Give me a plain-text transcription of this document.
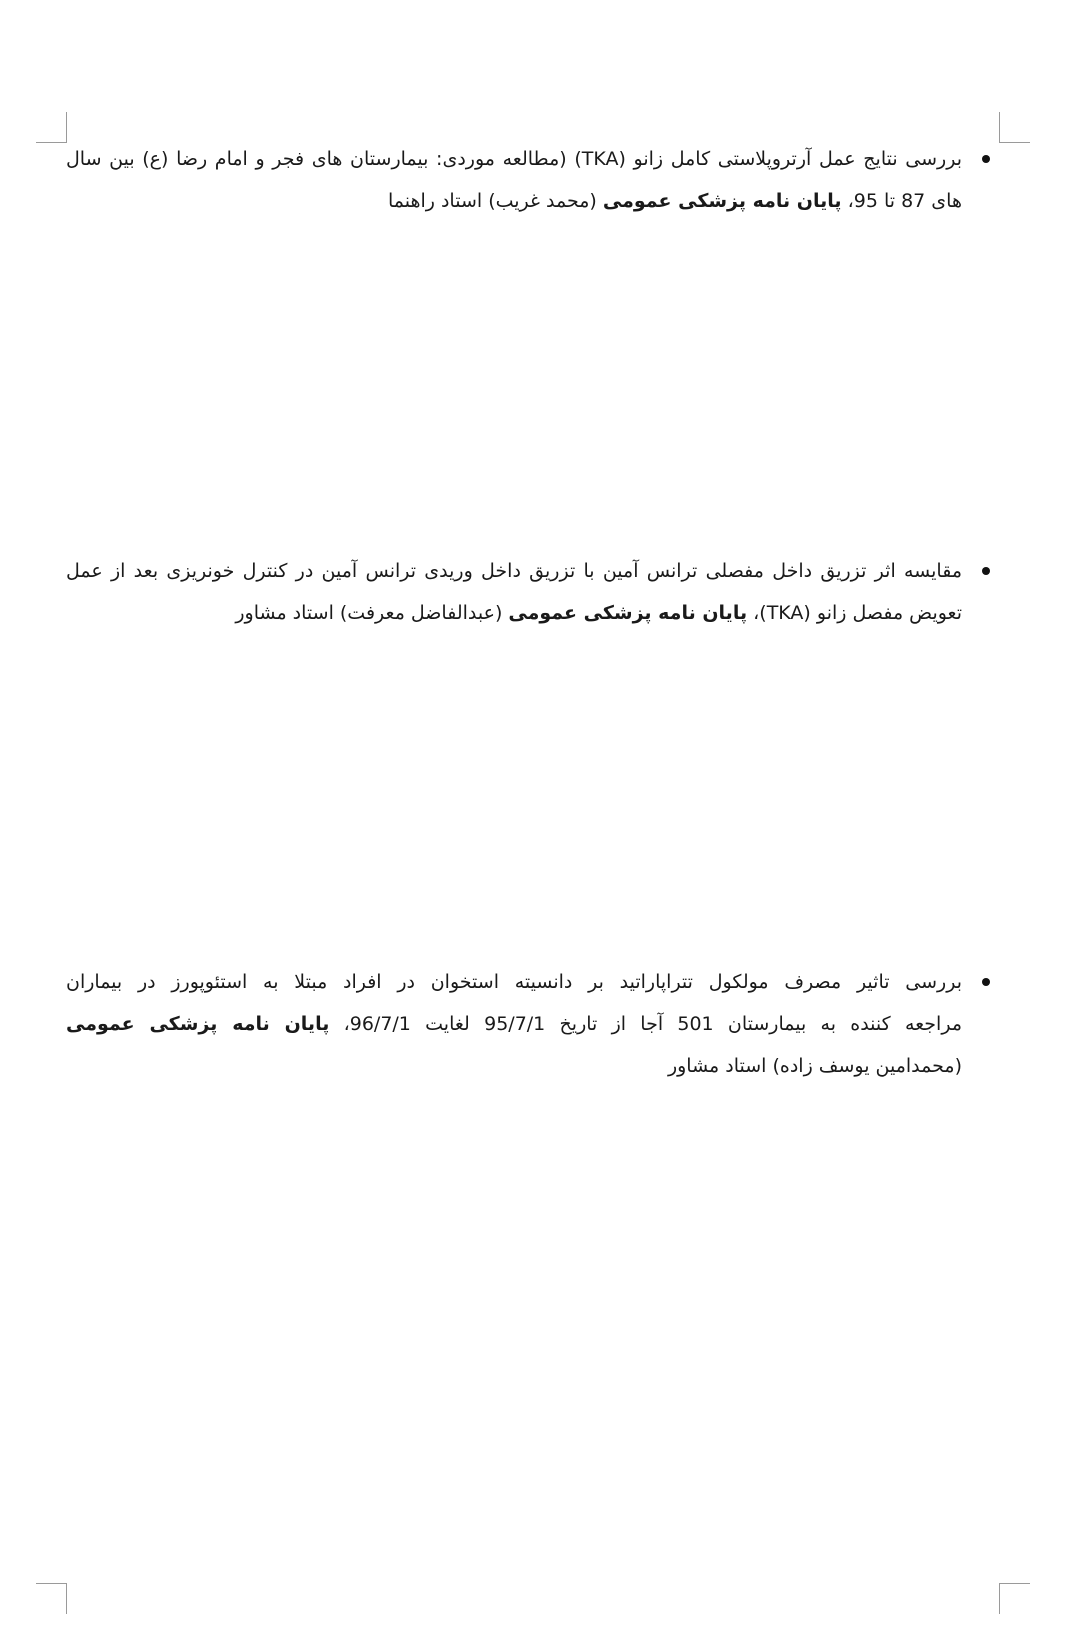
بررسی نتایج عمل آرتروپلاستی کامل زانو (TKA) (مطالعه موردی: بیمارستان های فجر و امام رضا (ع) بین سال
های 87 تا 95، پایان نامه پزشکی عمومی (محمد غریب) استاد راهنما
مقایسه اثر تزریق داخل مفصلی ترانس آمین با تزریق داخل وریدی ترانس آمین در کنترل خونریزی بعد از عمل
تعویض مفصل زانو (TKA)، پایان نامه پزشکی عمومی (عبدالفاضل معرفت) استاد مشاور
بررسی تاثیر مصرف مولکول تتراپاراتید بر دانسیته استخوان در افراد مبتلا به استئوپورز در بیماران
مراجعه کننده به بیمارستان 501 آجا از تاریخ 95/7/1 لغایت 96/7/1، پایان نامه پزشکی عمومی
(محمدامین یوسف زاده) استاد مشاور
